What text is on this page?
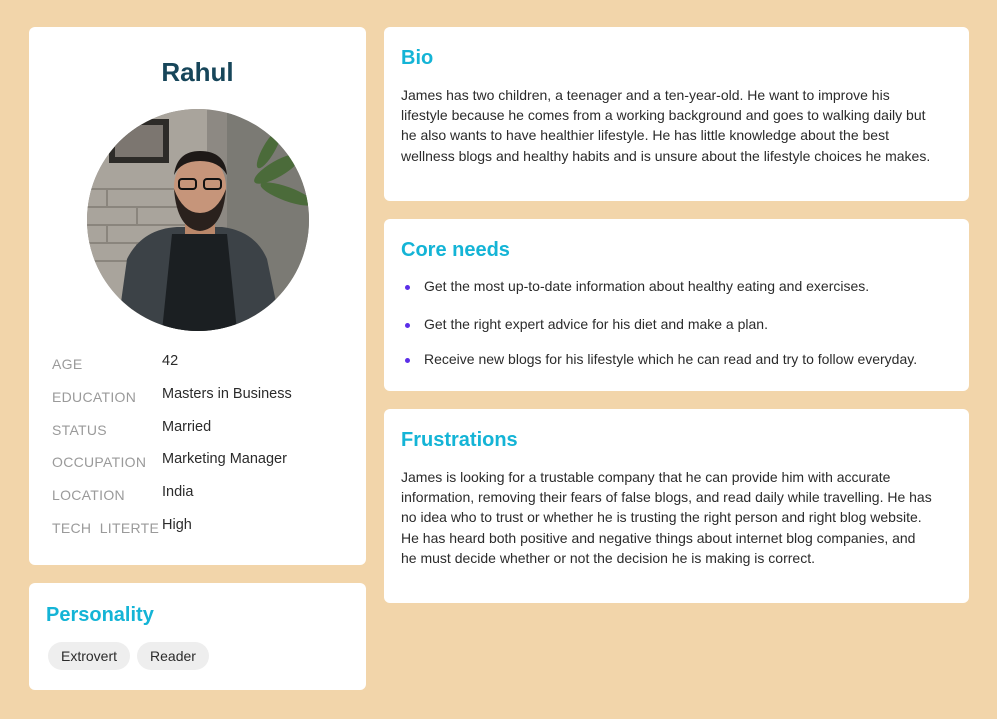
Rahul
AGE	42
EDUCATION Masters in Business
STATUS	Married
OCCUPATION Marketing Manager
LOCATION	India
TECH  LITERTE High
Personality
Extrovert	Reader
Bio

James has two children, a teenager and a ten-year-old. He want to improve his lifestyle because he comes from a working background and goes to walking daily but he also wants to have healthier lifestyle. He has little knowledge about the best wellness blogs and healthy habits and is unsure about the lifestyle choices he makes.

Core needs
Get the most up-to-date information about healthy eating and exercises.
Get the right expert advice for his diet and make a plan.
Receive new blogs for his lifestyle which he can read and try to follow everyday.
Frustrations

James is looking for a trustable company that he can provide him with accurate information, removing their fears of false blogs, and read daily while travelling. He has no idea who to trust or whether he is trusting the right person and right blog website. He has heard both positive and negative things about internet blog companies, and he must decide whether or not the decision he is making is correct.
